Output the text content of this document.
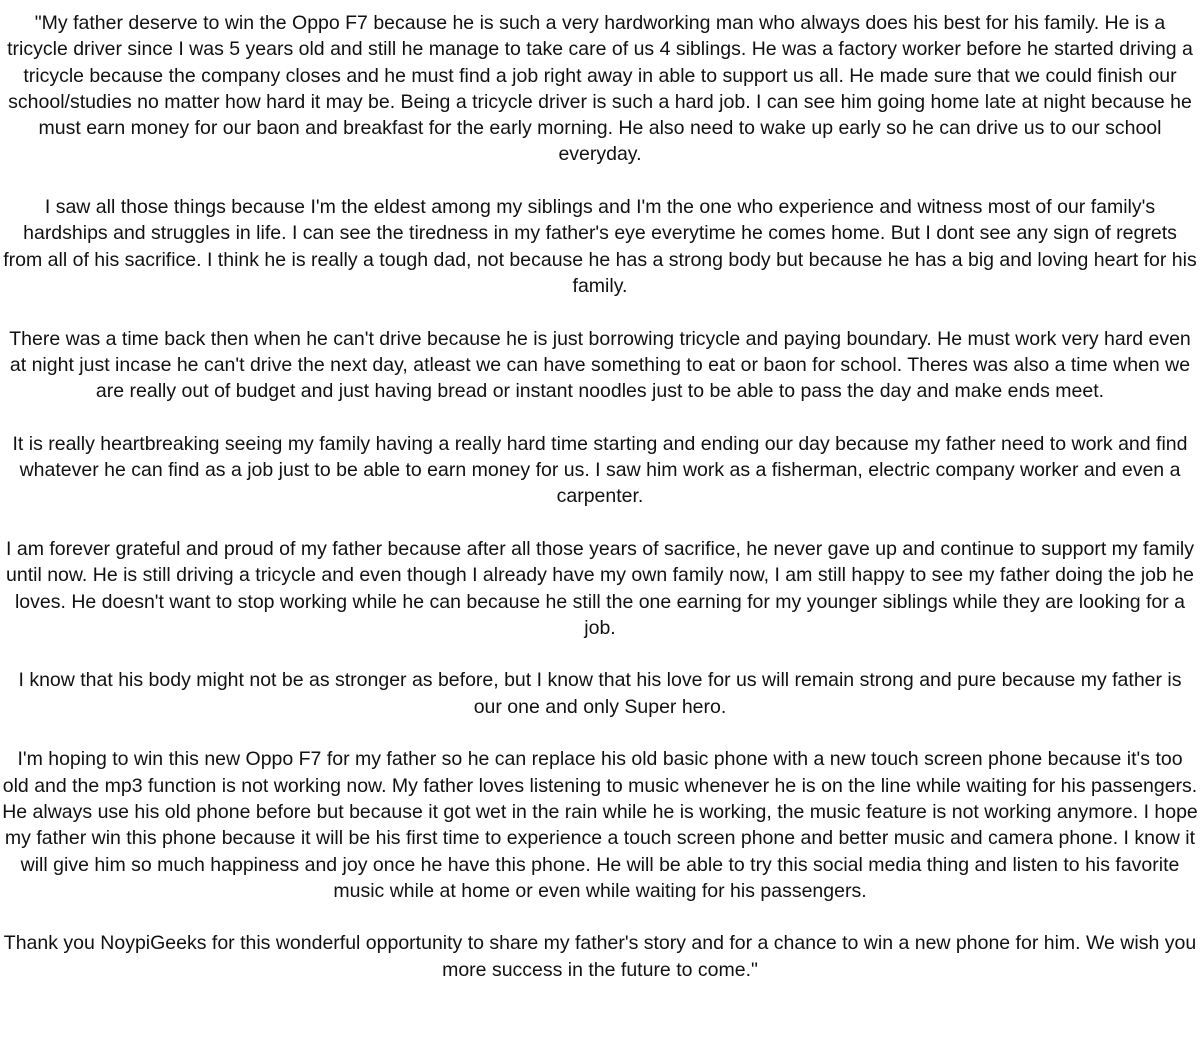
"My father deserve to win the Oppo F7 because he is such a very hardworking man who always does his best for his family. He is a tricycle driver since I was 5 years old and still he manage to take care of us 4 siblings. He was a factory worker before he started driving a tricycle because the company closes and he must find a job right away in able to support us all. He made sure that we could finish our school/studies no matter how hard it may be. Being a tricycle driver is such a hard job. I can see him going home late at night because he must earn money for our baon and breakfast for the early morning. He also need to wake up early so he can drive us to our school everyday.

I saw all those things because I'm the eldest among my siblings and I'm the one who experience and witness most of our family's hardships and struggles in life. I can see the tiredness in my father's eye everytime he comes home. But I dont see any sign of regrets from all of his sacrifice. I think he is really a tough dad, not because he has a strong body but because he has a big and loving heart for his family.

There was a time back then when he can't drive because he is just borrowing tricycle and paying boundary. He must work very hard even at night just incase he can't drive the next day, atleast we can have something to eat or baon for school. Theres was also a time when we are really out of budget and just having bread or instant noodles just to be able to pass the day and make ends meet.

It is really heartbreaking seeing my family having a really hard time starting and ending our day because my father need to work and find whatever he can find as a job just to be able to earn money for us. I saw him work as a fisherman, electric company worker and even a carpenter.

I am forever grateful and proud of my father because after all those years of sacrifice, he never gave up and continue to support my family until now. He is still driving a tricycle and even though I already have my own family now, I am still happy to see my father doing the job he loves. He doesn't want to stop working while he can because he still the one earning for my younger siblings while they are looking for a job.

I know that his body might not be as stronger as before, but I know that his love for us will remain strong and pure because my father is our one and only Super hero.

I'm hoping to win this new Oppo F7 for my father so he can replace his old basic phone with a new touch screen phone because it's too old and the mp3 function is not working now. My father loves listening to music whenever he is on the line while waiting for his passengers. He always use his old phone before but because it got wet in the rain while he is working, the music feature is not working anymore. I hope my father win this phone because it will be his first time to experience a touch screen phone and better music and camera phone. I know it will give him so much happiness and joy once he have this phone. He will be able to try this social media thing and listen to his favorite music while at home or even while waiting for his passengers.

Thank you NoypiGeeks for this wonderful opportunity to share my father's story and for a chance to win a new phone for him. We wish you more success in the future to come."
